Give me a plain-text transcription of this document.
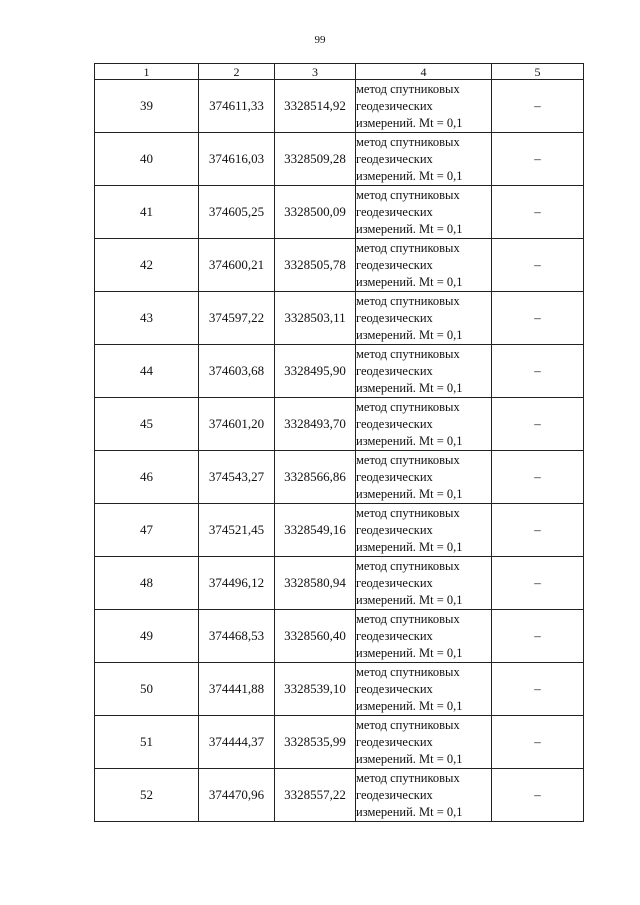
99
1	2	3	4	5
39	374611,33	3328514,92	метод спутниковых
геодезических
измерений. Mt = 0,1	–
40	374616,03	3328509,28	метод спутниковых
геодезических
измерений. Mt = 0,1	–
41	374605,25	3328500,09	метод спутниковых
геодезических
измерений. Mt = 0,1	–
42	374600,21	3328505,78	метод спутниковых
геодезических
измерений. Mt = 0,1	–
43	374597,22	3328503,11	метод спутниковых
геодезических
измерений. Mt = 0,1	–
44	374603,68	3328495,90	метод спутниковых
геодезических
измерений. Mt = 0,1	–
45	374601,20	3328493,70	метод спутниковых
геодезических
измерений. Mt = 0,1	–
46	374543,27	3328566,86	метод спутниковых
геодезических
измерений. Mt = 0,1	–
47	374521,45	3328549,16	метод спутниковых
геодезических
измерений. Mt = 0,1	–
48	374496,12	3328580,94	метод спутниковых
геодезических
измерений. Mt = 0,1	–
49	374468,53	3328560,40	метод спутниковых
геодезических
измерений. Mt = 0,1	–
50	374441,88	3328539,10	метод спутниковых
геодезических
измерений. Mt = 0,1	–
51	374444,37	3328535,99	метод спутниковых
геодезических
измерений. Mt = 0,1	–
52	374470,96	3328557,22	метод спутниковых
геодезических
измерений. Mt = 0,1	–
